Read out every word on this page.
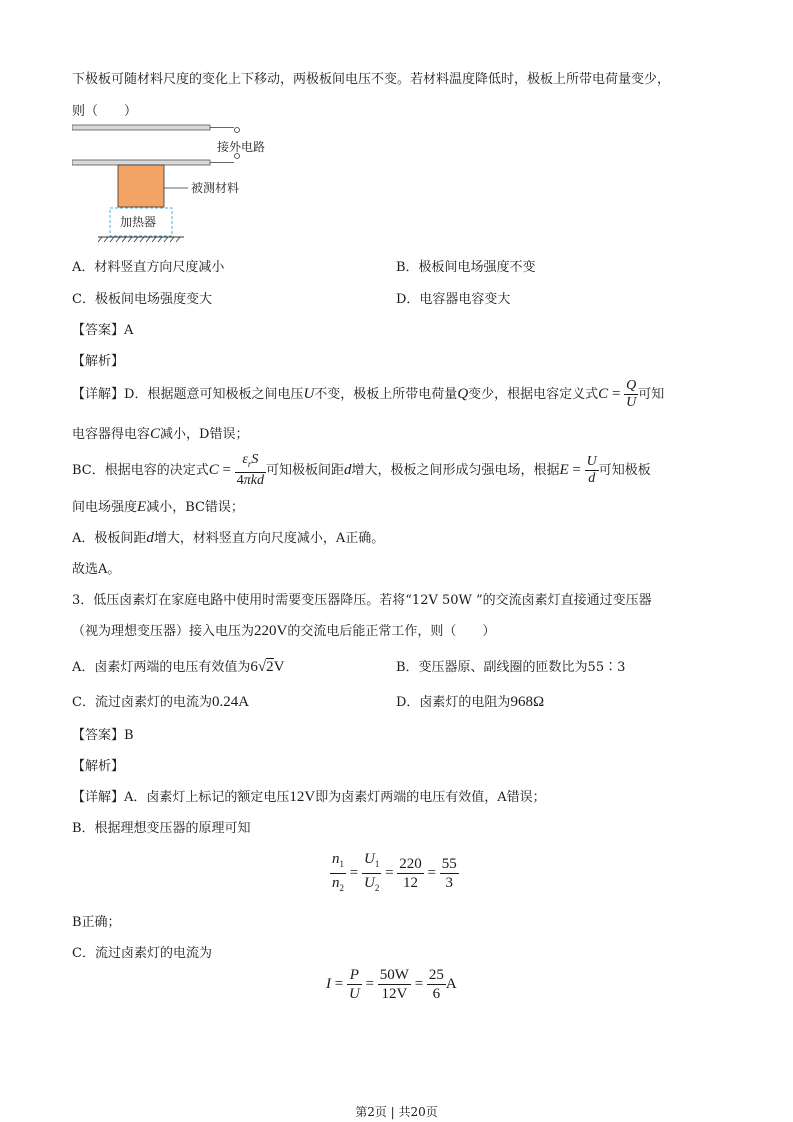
下极板可随材料尺度的变化上下移动，两极板间电压不变。若材料温度降低时，极板上所带电荷量变少，
则（　　）
接外电路
被测材料
加热器
A．材料竖直方向尺度减小	B．极板间电场强度不变
C．极板间电场强度变大	D．电容器电容变大
【答案】A
【解析】
【详解】D．根据题意可知极板之间电压U不变，极板上所带电荷量Q变少，根据电容定义式$C = \frac{Q}{U}$ 可知
电容器得电容C减小，D错误；
BC．根据电容的决定式$C = \frac{\varepsilon_rS}{\text{4πkd}}$ 可知极板间距d增大，极板之间形成匀强电场，根据$E = \frac{U}{d}$ 可知极板
间电场强度E减小，BC错误；
A．极板间距d增大，材料竖直方向尺度减小，A正确。
故选A。
3．低压卤素灯在家庭电路中使用时需要变压器降压。若将“12V 50W ”的交流卤素灯直接通过变压器
（视为理想变压器）接入电压为220V的交流电后能正常工作，则（　　）
A．卤素灯两端的电压有效值为6√2V	B．变压器原、副线圈的匝数比为55∶3
C．流过卤素灯的电流为0.24A	D．卤素灯的电阻为968Ω
【答案】B
【解析】
【详解】A．卤素灯上标记的额定电压12V即为卤素灯两端的电压有效值，A错误；
B．根据理想变压器的原理可知
$\frac{n_1}{n_2} = \frac{U_1}{U_2} = \frac{220}{12} = \frac{55}{3}$
B正确；
C．流过卤素灯的电流为
$I = \frac{P}{U} = \frac{50W}{12V} = \frac{25}{6}$ A
第2页 | 共20页
